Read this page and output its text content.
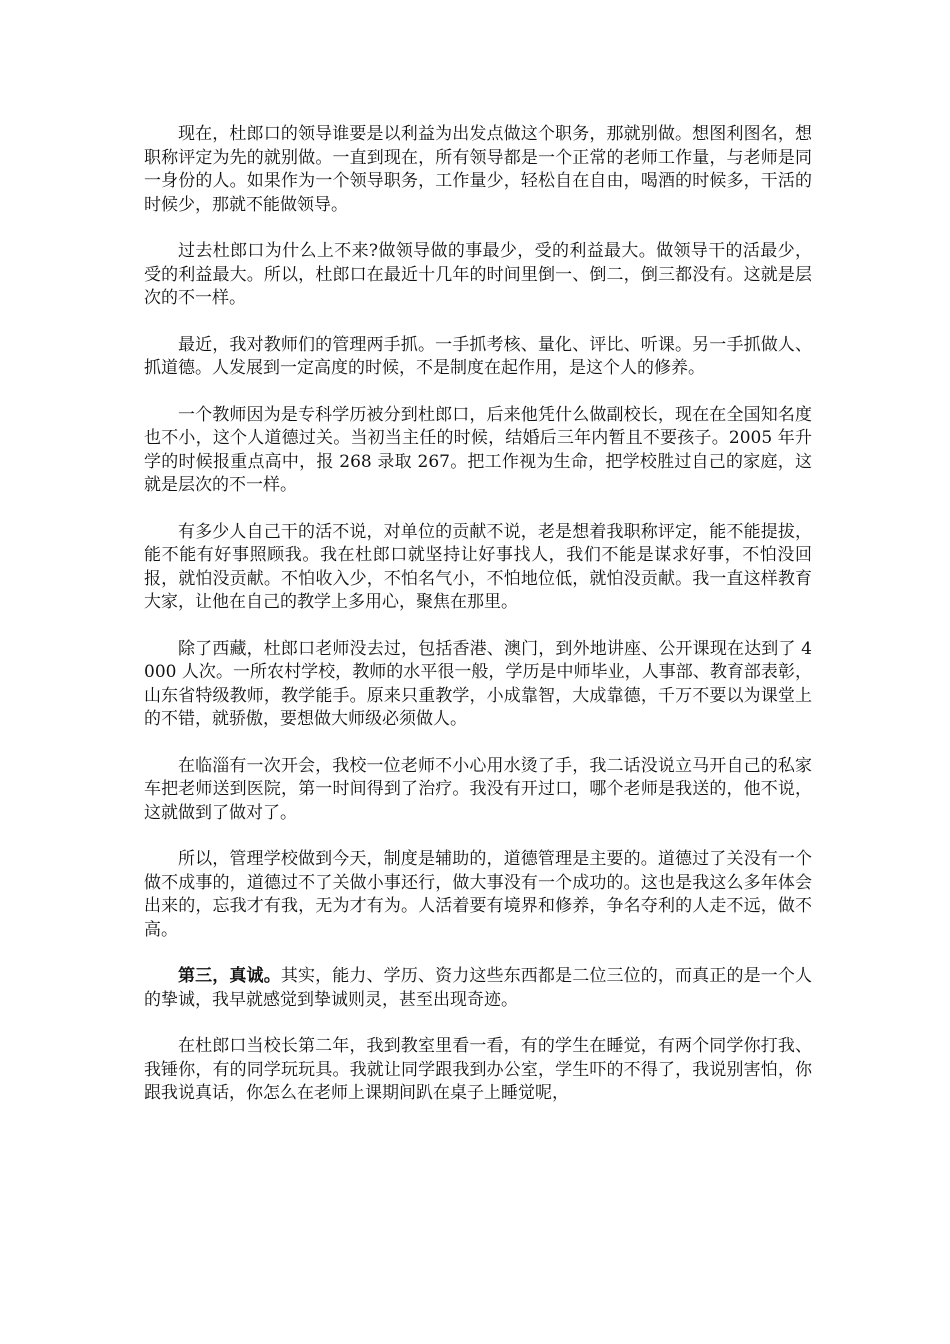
现在，杜郎口的领导谁要是以利益为出发点做这个职务，那就别做。想图利图名，想职称评定为先的就别做。一直到现在，所有领导都是一个正常的老师工作量，与老师是同一身份的人。如果作为一个领导职务，工作量少，轻松自在自由，喝酒的时候多，干活的时候少，那就不能做领导。

过去杜郎口为什么上不来?做领导做的事最少，受的利益最大。做领导干的活最少，受的利益最大。所以，杜郎口在最近十几年的时间里倒一、倒二，倒三都没有。这就是层次的不一样。

最近，我对教师们的管理两手抓。一手抓考核、量化、评比、听课。另一手抓做人、抓道德。人发展到一定高度的时候，不是制度在起作用，是这个人的修养。

一个教师因为是专科学历被分到杜郎口，后来他凭什么做副校长，现在在全国知名度也不小，这个人道德过关。当初当主任的时候，结婚后三年内暂且不要孩子。2005 年升学的时候报重点高中，报 268 录取 267。把工作视为生命，把学校胜过自己的家庭，这就是层次的不一样。

有多少人自己干的活不说，对单位的贡献不说，老是想着我职称评定，能不能提拔，能不能有好事照顾我。我在杜郎口就坚持让好事找人，我们不能是谋求好事，不怕没回报，就怕没贡献。不怕收入少，不怕名气小，不怕地位低，就怕没贡献。我一直这样教育大家，让他在自己的教学上多用心，聚焦在那里。

除了西藏，杜郎口老师没去过，包括香港、澳门，到外地讲座、公开课现在达到了 4000 人次。一所农村学校，教师的水平很一般，学历是中师毕业，人事部、教育部表彰，山东省特级教师，教学能手。原来只重教学，小成靠智，大成靠德，千万不要以为课堂上的不错，就骄傲，要想做大师级必须做人。

在临淄有一次开会，我校一位老师不小心用水烫了手，我二话没说立马开自己的私家车把老师送到医院，第一时间得到了治疗。我没有开过口，哪个老师是我送的，他不说，这就做到了做对了。

所以，管理学校做到今天，制度是辅助的，道德管理是主要的。道德过了关没有一个做不成事的，道德过不了关做小事还行，做大事没有一个成功的。这也是我这么多年体会出来的，忘我才有我，无为才有为。人活着要有境界和修养，争名夺利的人走不远，做不高。

第三，真诚。其实，能力、学历、资力这些东西都是二位三位的，而真正的是一个人的挚诚，我早就感觉到挚诚则灵，甚至出现奇迹。

在杜郎口当校长第二年，我到教室里看一看，有的学生在睡觉，有两个同学你打我、我锤你，有的同学玩玩具。我就让同学跟我到办公室，学生吓的不得了，我说别害怕，你跟我说真话，你怎么在老师上课期间趴在桌子上睡觉呢，
